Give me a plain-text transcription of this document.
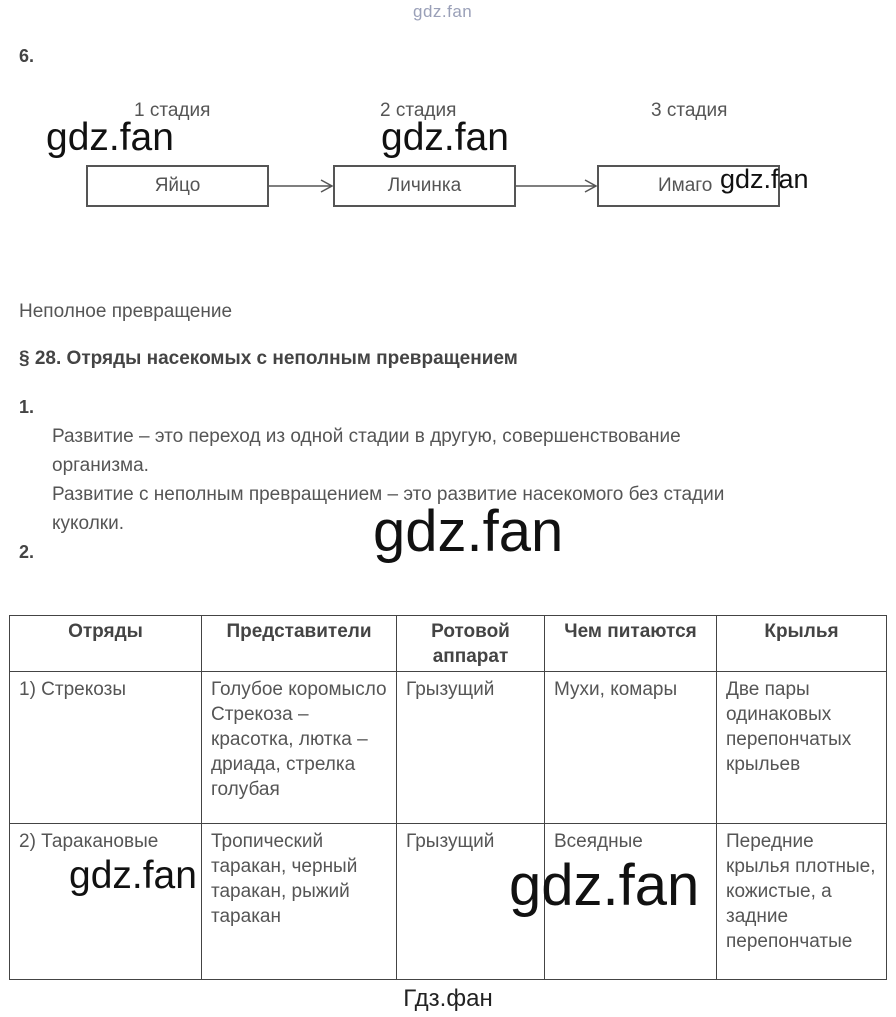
gdz.fan
6.
1 стадия	2 стадия	3 стадия
Яйцо	Личинка	Имаго
gdz.fan	gdz.fan
gdz.fan
Неполное превращение
§ 28. Отряды насекомых с неполным превращением
1.
Развитие – это переход из одной стадии в другую, совершенствование
организма.
Развитие с неполным превращением – это развитие насекомого без стадии
куколки.	gdz.fan
2.
Отряды	Представители	Ротовой аппарат	Чем питаются	Крылья
1) Стрекозы	Голубое коромысло Стрекоза – красотка, лютка – дриада, стрелка голубая	Грызущий	Мухи, комары	Две пары одинаковых перепончатых крыльев
2) Таракановые	Тропический таракан, черный таракан, рыжий таракан	Грызущий	Всеядные	Передние крылья плотные, кожистые, а задние перепончатые
gdz.fan	gdz.fan
Гдз.фан
